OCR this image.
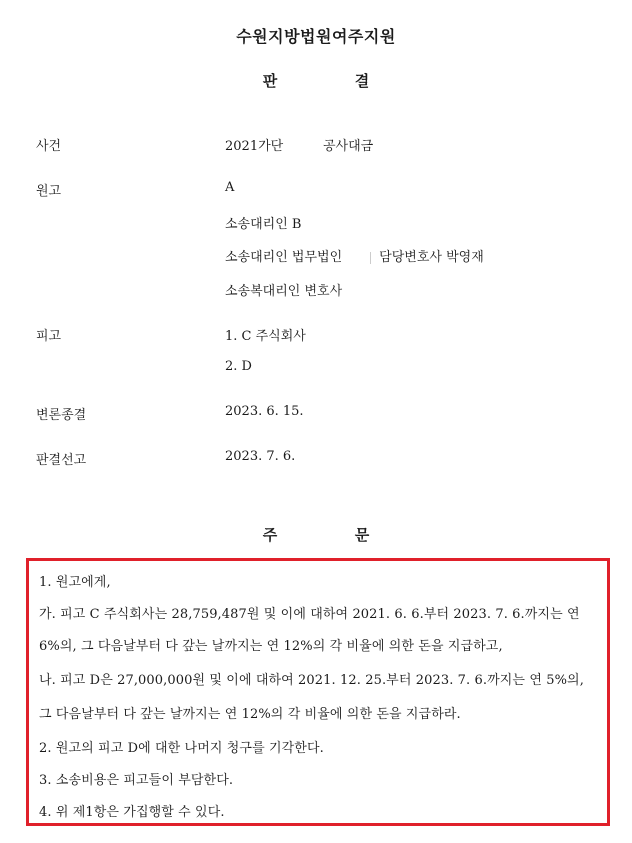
수원지방법원여주지원
판	결
사건	2021가단	공사대금
원고	A
소송대리인 B
소송대리인 법무법인	담당변호사 박영재
소송복대리인 변호사
피고	1. C 주식회사
2. D
변론종결	2023. 6. 15.
판결선고	2023. 7. 6.
주	문
1. 원고에게,
가. 피고 C 주식회사는 28,759,487원 및 이에 대하여 2021. 6. 6.부터 2023. 7. 6.까지는 연
6%의, 그 다음날부터 다 갚는 날까지는 연 12%의 각 비율에 의한 돈을 지급하고,
나. 피고 D은 27,000,000원 및 이에 대하여 2021. 12. 25.부터 2023. 7. 6.까지는 연 5%의,
그 다음날부터 다 갚는 날까지는 연 12%의 각 비율에 의한 돈을 지급하라.
2. 원고의 피고 D에 대한 나머지 청구를 기각한다.
3. 소송비용은 피고들이 부담한다.
4. 위 제1항은 가집행할 수 있다.
